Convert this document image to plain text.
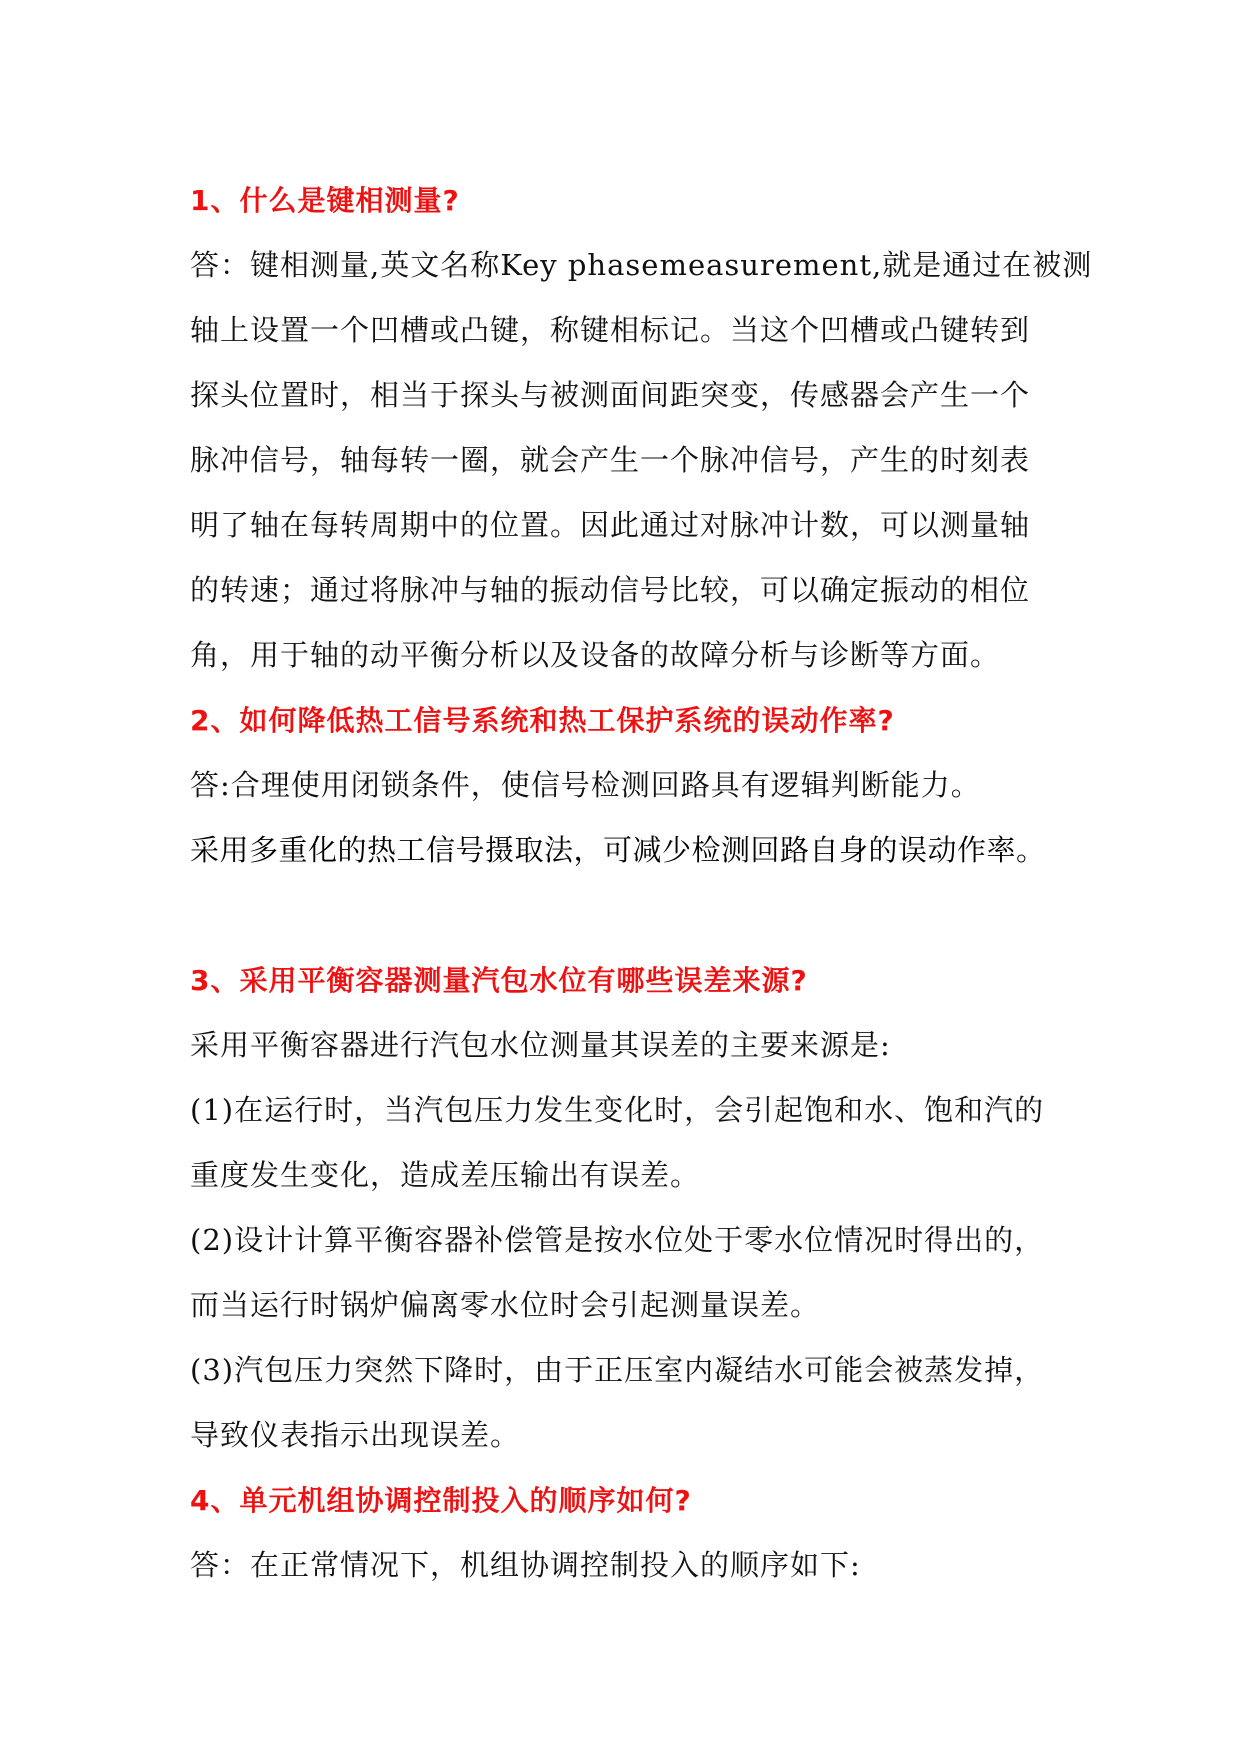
1、什么是键相测量?
答：键相测量,英文名称Key phasemeasurement,就是通过在被测
轴上设置一个凹槽或凸键，称键相标记。当这个凹槽或凸键转到
探头位置时，相当于探头与被测面间距突变，传感器会产生一个
脉冲信号，轴每转一圈，就会产生一个脉冲信号，产生的时刻表
明了轴在每转周期中的位置。因此通过对脉冲计数，可以测量轴
的转速；通过将脉冲与轴的振动信号比较，可以确定振动的相位
角，用于轴的动平衡分析以及设备的故障分析与诊断等方面。
2、如何降低热工信号系统和热工保护系统的误动作率?
答:合理使用闭锁条件，使信号检测回路具有逻辑判断能力。
采用多重化的热工信号摄取法，可减少检测回路自身的误动作率。
3、采用平衡容器测量汽包水位有哪些误差来源?
采用平衡容器进行汽包水位测量其误差的主要来源是:
(1)在运行时，当汽包压力发生变化时，会引起饱和水、饱和汽的
重度发生变化，造成差压输出有误差。
(2)设计计算平衡容器补偿管是按水位处于零水位情况时得出的，
而当运行时锅炉偏离零水位时会引起测量误差。
(3)汽包压力突然下降时，由于正压室内凝结水可能会被蒸发掉，
导致仪表指示出现误差。
4、单元机组协调控制投入的顺序如何?
答：在正常情况下，机组协调控制投入的顺序如下:
